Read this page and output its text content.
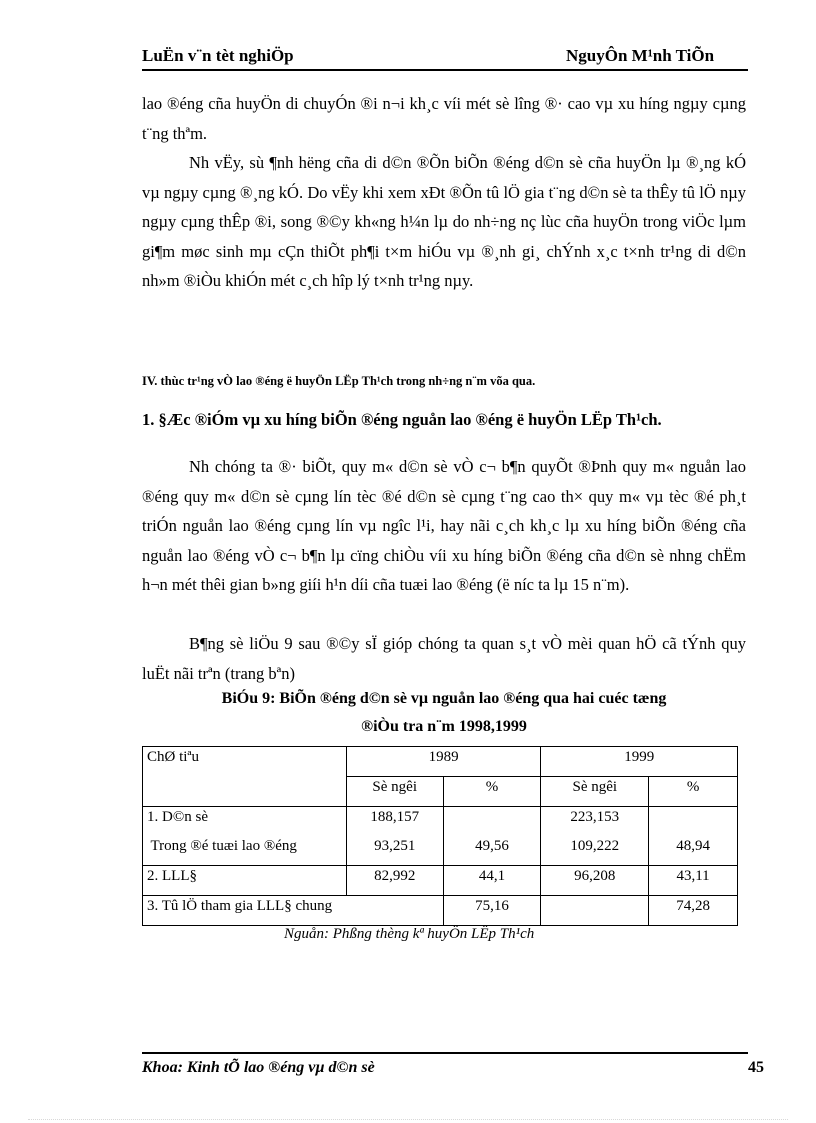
LuËn v¨n tèt nghiÖp	NguyÔn M¹nh TiÕn
lao ®éng cña huyÖn di chuyÓn ®i n¬i kh¸c víi mét sè lîng ®· cao vµ xu híng ngµy cµng t¨ng thªm.
Nh vËy, sù ¶nh hëng cña di d©n ®Õn biÕn ®éng d©n sè cña huyÖn lµ ®¸ng kÓ vµ ngµy cµng ®¸ng kÓ. Do vËy khi xem xÐt ®Õn tû lÖ gia t¨ng d©n sè ta thÊy tû lÖ nµy ngµy cµng thÊp ®i, song ®©y kh«ng h¼n lµ do nh÷ng nç lùc cña huyÖn trong viÖc lµm gi¶m møc sinh mµ cÇn thiÕt ph¶i t×m hiÓu vµ ®¸nh gi¸ chÝnh x¸c t×nh tr¹ng di d©n nh»m ®iÒu khiÓn mét c¸ch hîp lý t×nh tr¹ng nµy.
IV. thùc tr¹ng vÒ lao ®éng ë huyÖn LËp Th¹ch trong nh÷ng n¨m võa qua.
1. §Æc ®iÓm vµ xu híng biÕn ®éng nguån lao ®éng ë huyÖn LËp Th¹ch.
Nh chóng ta ®· biÕt, quy m« d©n sè vÒ c¬ b¶n quyÕt ®Þnh quy m« nguån lao ®éng quy m« d©n sè cµng lín tèc ®é d©n sè cµng t¨ng cao th× quy m« vµ tèc ®é ph¸t triÓn nguån lao ®éng cµng lín vµ ngîc l¹i, hay nãi c¸ch kh¸c lµ xu híng biÕn ®éng cña nguån lao ®éng vÒ c¬ b¶n lµ cïng chiÒu víi xu híng biÕn ®éng cña d©n sè nhng chËm h¬n mét thêi gian b»ng giíi h¹n díi cña tuæi lao ®éng (ë níc ta lµ 15 n¨m).
B¶ng sè liÖu 9 sau ®©y sÏ gióp chóng ta quan s¸t vÒ mèi quan hÖ cã tÝnh quy luËt nãi trªn (trang bªn)
BiÓu 9: BiÕn ®éng d©n sè vµ nguån lao ®éng qua hai cuéc tæng
®iÒu tra n¨m 1998,1999
ChØ tiªu	1989		1999	
	Sè ngêi	%	Sè ngêi	%
1. D©n sè	188,157		223,153	
Trong ®é tuæi lao ®éng	93,251	49,56	109,222	48,94
2. LLL§	82,992	44,1	96,208	43,11
3. Tû lÖ tham gia LLL§ chung		75,16		74,28
Nguån: Phßng thèng kª huyÖn LËp Th¹ch
Khoa: Kinh tÕ lao ®éng vµ d©n sè	45
